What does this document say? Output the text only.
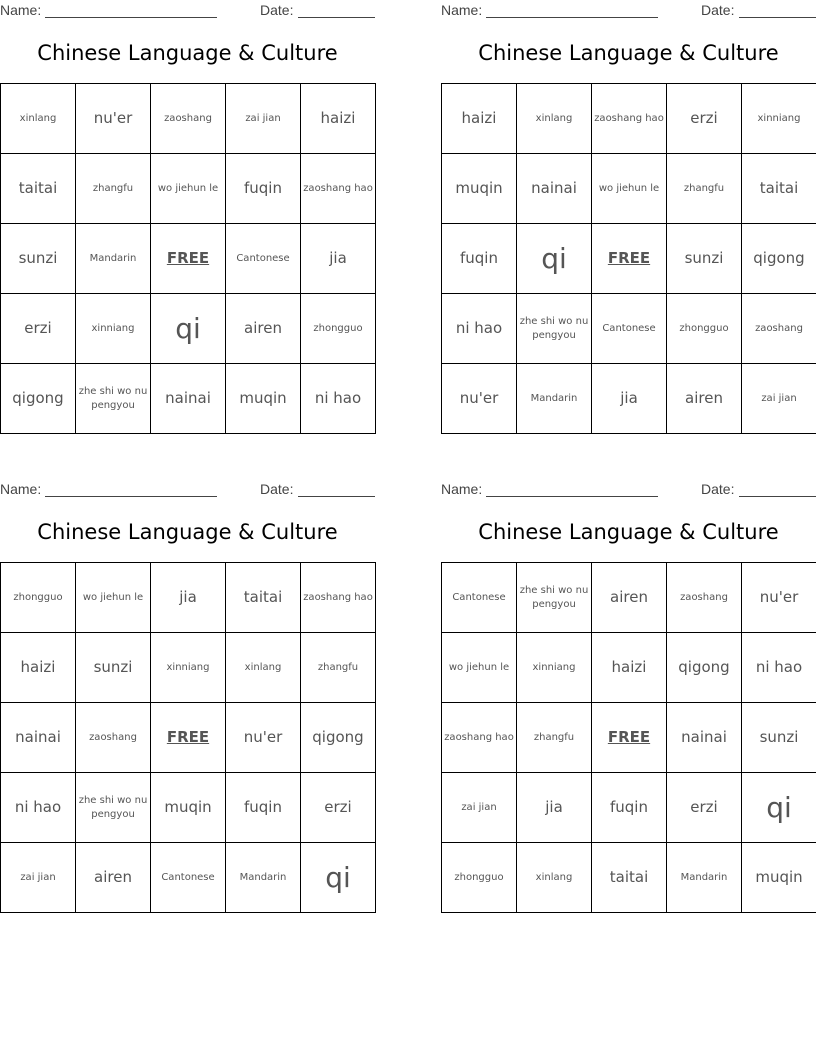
Name:	Date:
Chinese Language & Culture
xinlang	nu'er	zaoshang	zai jian	haizi
taitai	zhangfu	wo jiehun le	fuqin	zaoshang hao
sunzi	Mandarin	FREE	Cantonese	jia
erzi	xinniang	qi	airen	zhongguo
qigong	zhe shi wo nu pengyou	nainai	muqin	ni hao
Name:	Date:
Chinese Language & Culture
haizi	xinlang	zaoshang hao	erzi	xinniang
muqin	nainai	wo jiehun le	zhangfu	taitai
fuqin	qi	FREE	sunzi	qigong
ni hao	zhe shi wo nu pengyou	Cantonese	zhongguo	zaoshang
nu'er	Mandarin	jia	airen	zai jian
Name:	Date:
Chinese Language & Culture
zhongguo	wo jiehun le	jia	taitai	zaoshang hao
haizi	sunzi	xinniang	xinlang	zhangfu
nainai	zaoshang	FREE	nu'er	qigong
ni hao	zhe shi wo nu pengyou	muqin	fuqin	erzi
zai jian	airen	Cantonese	Mandarin	qi
Name:	Date:
Chinese Language & Culture
Cantonese	zhe shi wo nu pengyou	airen	zaoshang	nu'er
wo jiehun le	xinniang	haizi	qigong	ni hao
zaoshang hao	zhangfu	FREE	nainai	sunzi
zai jian	jia	fuqin	erzi	qi
zhongguo	xinlang	taitai	Mandarin	muqin
